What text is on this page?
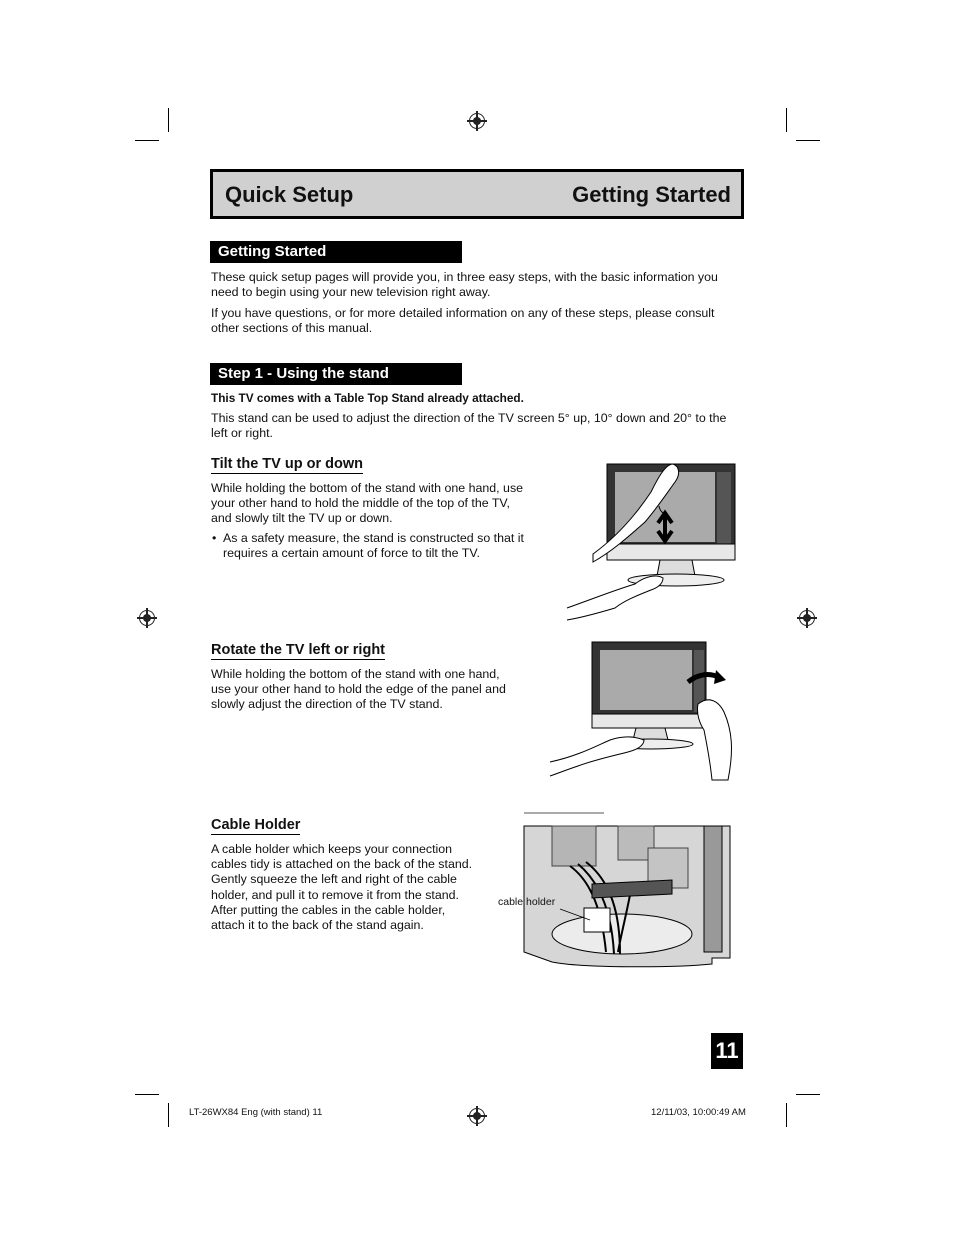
Quick Setup	Getting Started
Getting Started
These quick setup pages will provide you, in three easy steps, with the basic information you need to begin using your new television right away.
If you have questions, or for more detailed information on any of these steps, please consult other sections of this manual.
Step 1 - Using the stand
This TV comes with a Table Top Stand already attached.
This stand can be used to adjust the direction of the TV screen 5° up, 10° down and 20° to the left or right.
Tilt the TV up or down
While holding the bottom of the stand with one hand, use your other hand to hold the middle of the top of the TV, and slowly tilt the TV up or down.
• As a safety measure, the stand is constructed so that it requires a certain amount of force to tilt the TV.
Rotate the TV left or right
While holding the bottom of the stand with one hand, use your other hand to hold the edge of the panel and slowly adjust the direction of the TV stand.
Cable Holder
A cable holder which keeps your connection cables tidy is attached on the back of the stand. Gently squeeze the left and right of the cable holder, and pull it to remove it from the stand. After putting the cables in the cable holder, attach it to the back of the stand again.
cable holder
11
LT-26WX84 Eng (with stand) 11	12/11/03, 10:00:49 AM
